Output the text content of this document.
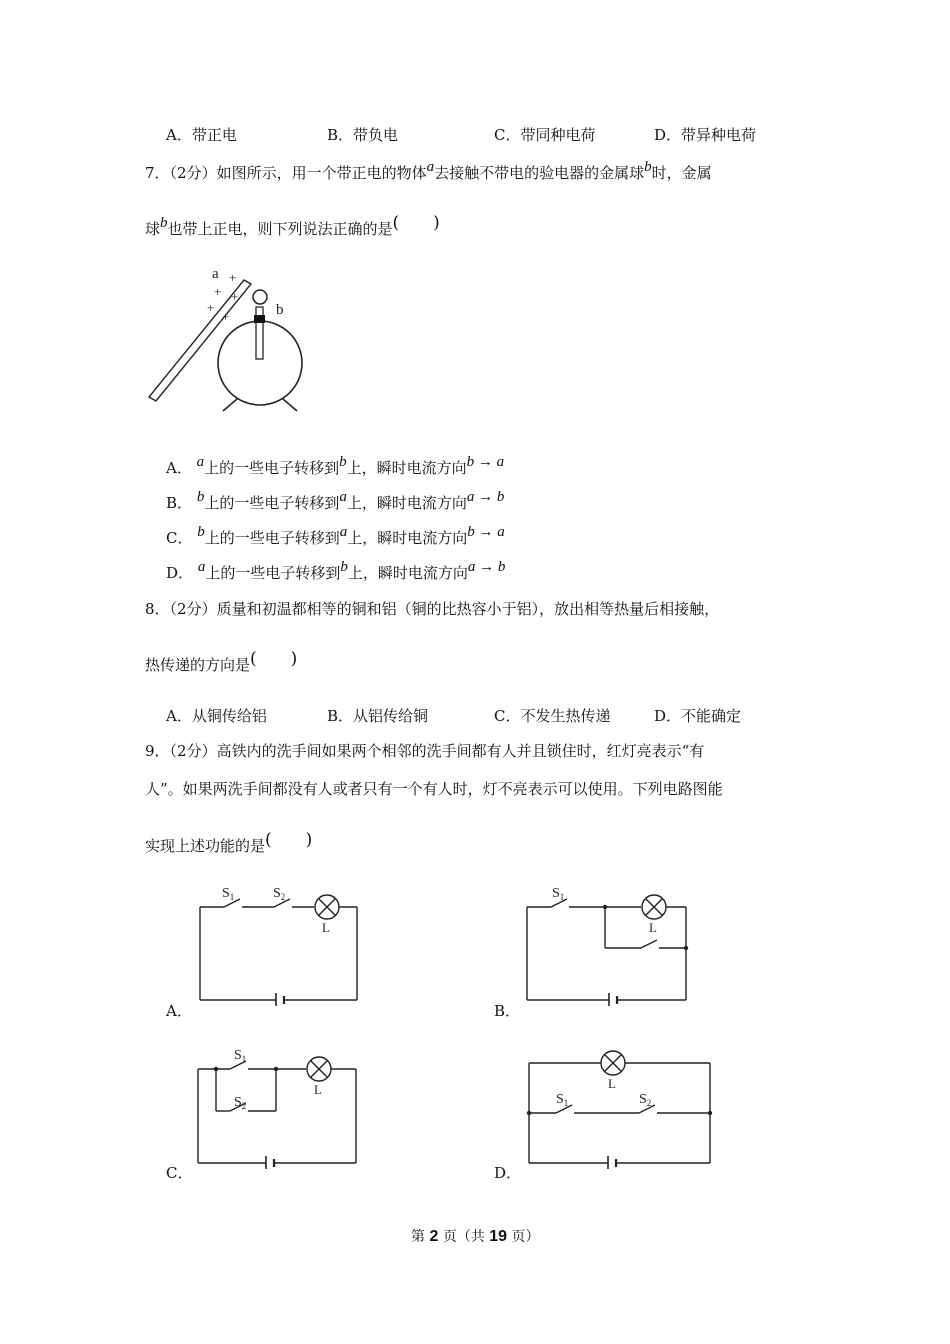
A．带正电	B．带负电	C．带同种电荷	D．带异种电荷
7．（2分）如图所示，用一个带正电的物体a去接触不带电的验电器的金属球b时，金属
球b也带上正电，则下列说法正确的是(　　)
+
+ +
+
+
a
b
A． a上的一些电子转移到b上，瞬时电流方向b → a
B． b上的一些电子转移到a上，瞬时电流方向a → b
C． b上的一些电子转移到a上，瞬时电流方向b → a
D． a上的一些电子转移到b上，瞬时电流方向a → b
8．（2分）质量和初温都相等的铜和铝（铜的比热容小于铝），放出相等热量后相接触，
热传递的方向是(　　)
A．从铜传给铝	B．从铝传给铜	C．不发生热传递	D．不能确定
9．（2分）高铁内的洗手间如果两个相邻的洗手间都有人并且锁住时，红灯亮表示“有
人”。如果两洗手间都没有人或者只有一个有人时，灯不亮表示可以使用。下列电路图能
实现上述功能的是(　　)
$S_1$	$S_2$
L
A．
$S_1$
L
B．
$S_1$
$S_2$
L
C．
L
$S_1$	$S_2$
D．
第 2 页（共 19 页）
